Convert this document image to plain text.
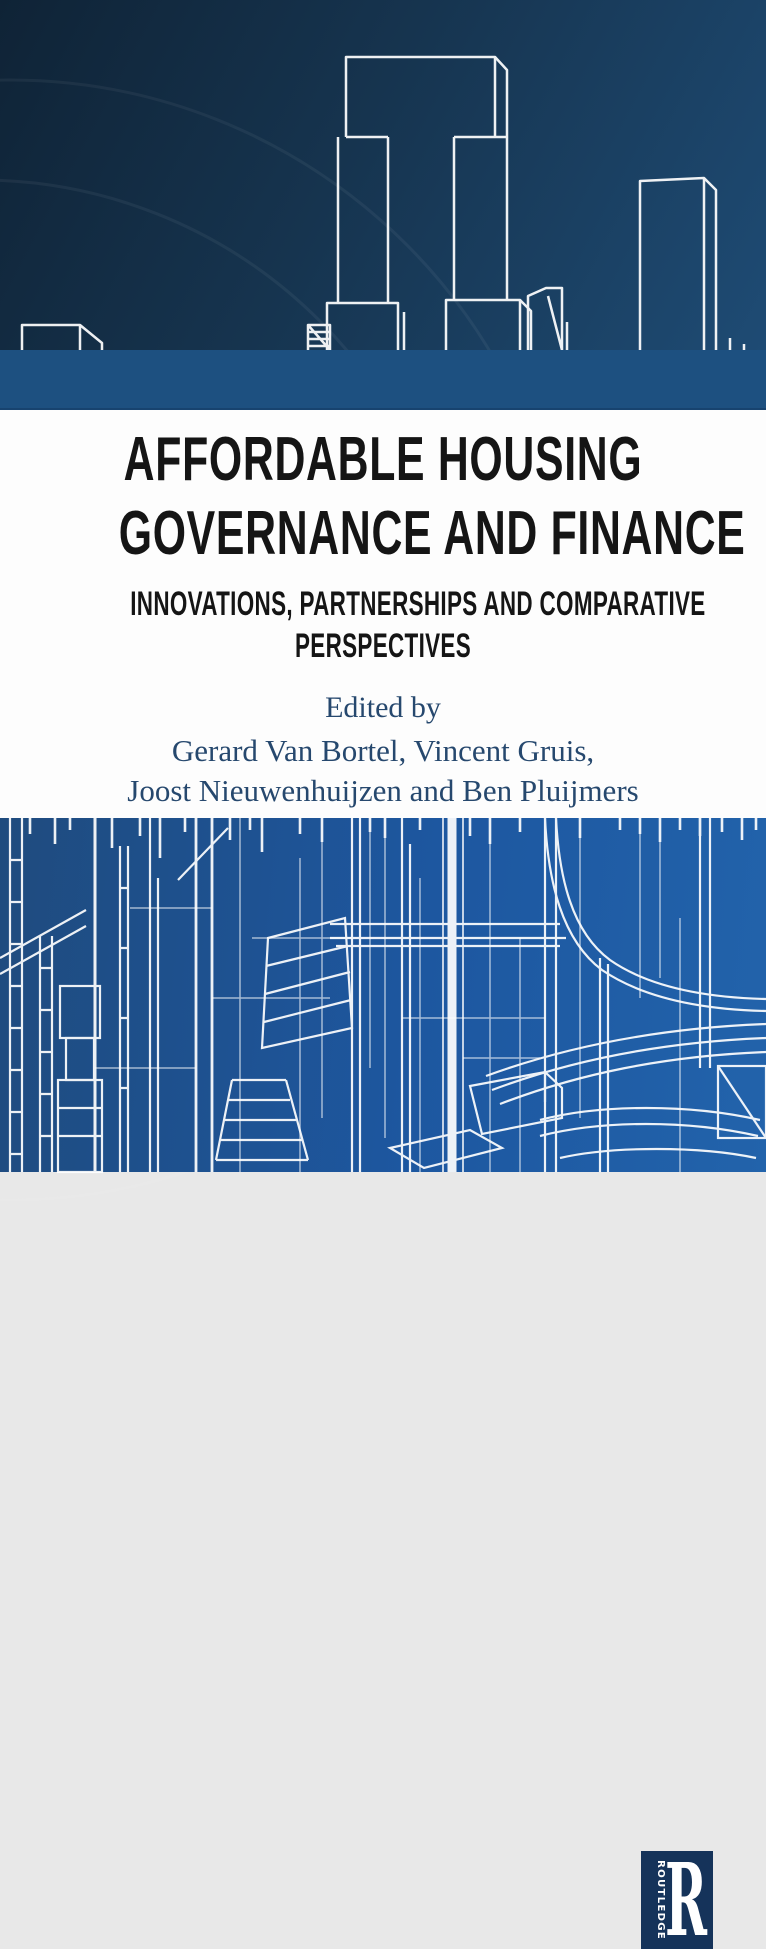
AFFORDABLE HOUSING
GOVERNANCE AND FINANCE
INNOVATIONS, PARTNERSHIPS AND COMPARATIVE
PERSPECTIVES
Edited by
Gerard Van Bortel, Vincent Gruis,
Joost Nieuwenhuijzen and Ben Pluijmers
ROUTLEDGE R
